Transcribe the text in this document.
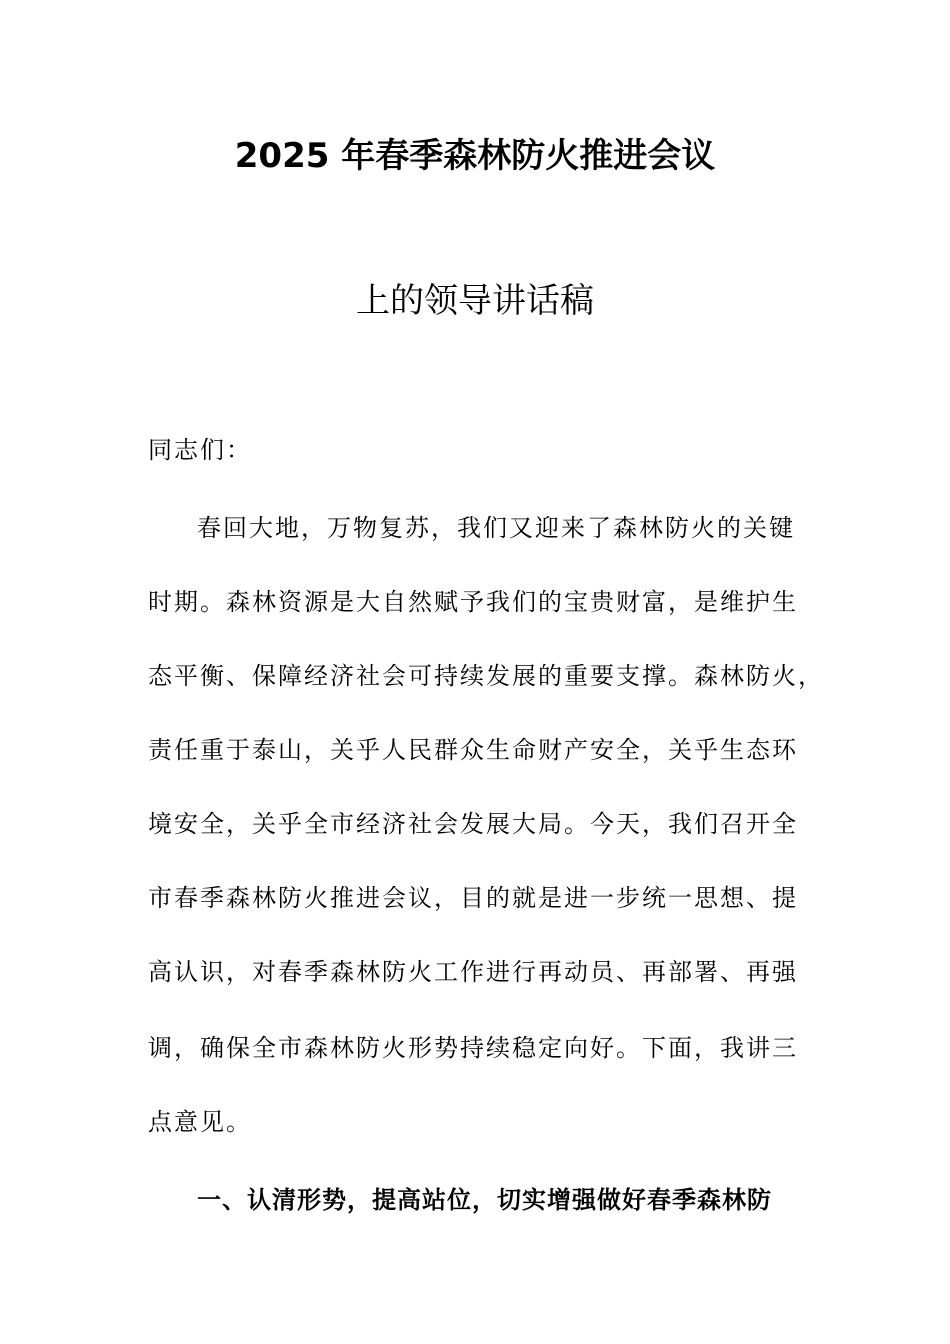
2025 年春季森林防火推进会议
上的领导讲话稿
同志们：
春回大地，万物复苏，我们又迎来了森林防火的关键
时期。森林资源是大自然赋予我们的宝贵财富，是维护生
态平衡、保障经济社会可持续发展的重要支撑。森林防火，
责任重于泰山，关乎人民群众生命财产安全，关乎生态环
境安全，关乎全市经济社会发展大局。今天，我们召开全
市春季森林防火推进会议，目的就是进一步统一思想、提
高认识，对春季森林防火工作进行再动员、再部署、再强
调，确保全市森林防火形势持续稳定向好。下面，我讲三
点意见。
一、认清形势，提高站位，切实增强做好春季森林防
